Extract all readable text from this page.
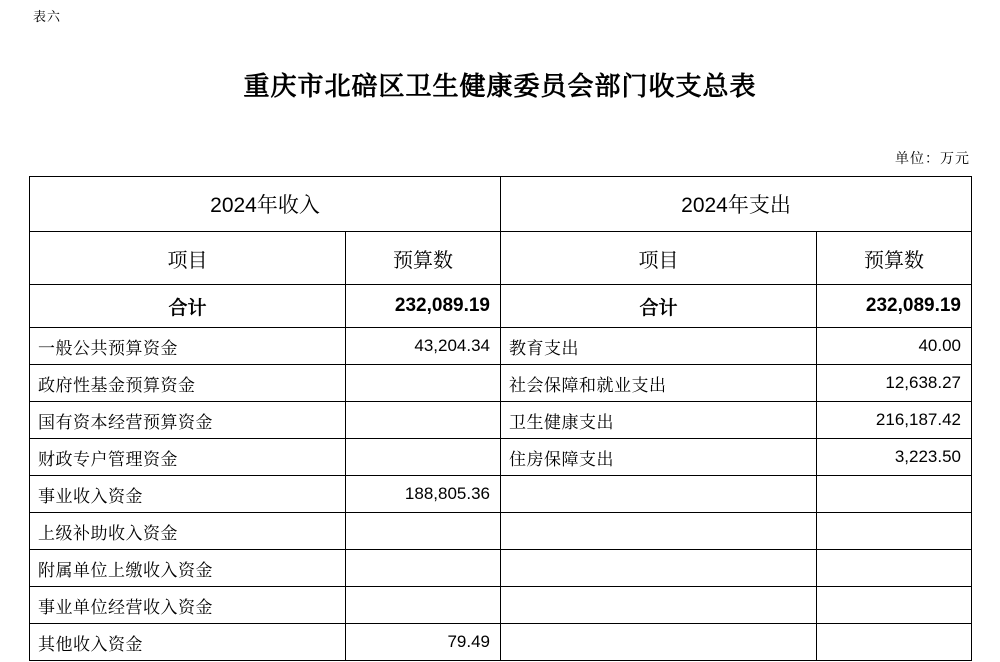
表六
重庆市北碚区卫生健康委员会部门收支总表
单位：万元
2024年收入		2024年支出	
项目	预算数	项目	预算数
合计	232,089.19	合计	232,089.19
一般公共预算资金	43,204.34	教育支出	40.00
政府性基金预算资金		社会保障和就业支出	12,638.27
国有资本经营预算资金		卫生健康支出	216,187.42
财政专户管理资金		住房保障支出	3,223.50
事业收入资金	188,805.36		
上级补助收入资金			
附属单位上缴收入资金			
事业单位经营收入资金			
其他收入资金	79.49		
